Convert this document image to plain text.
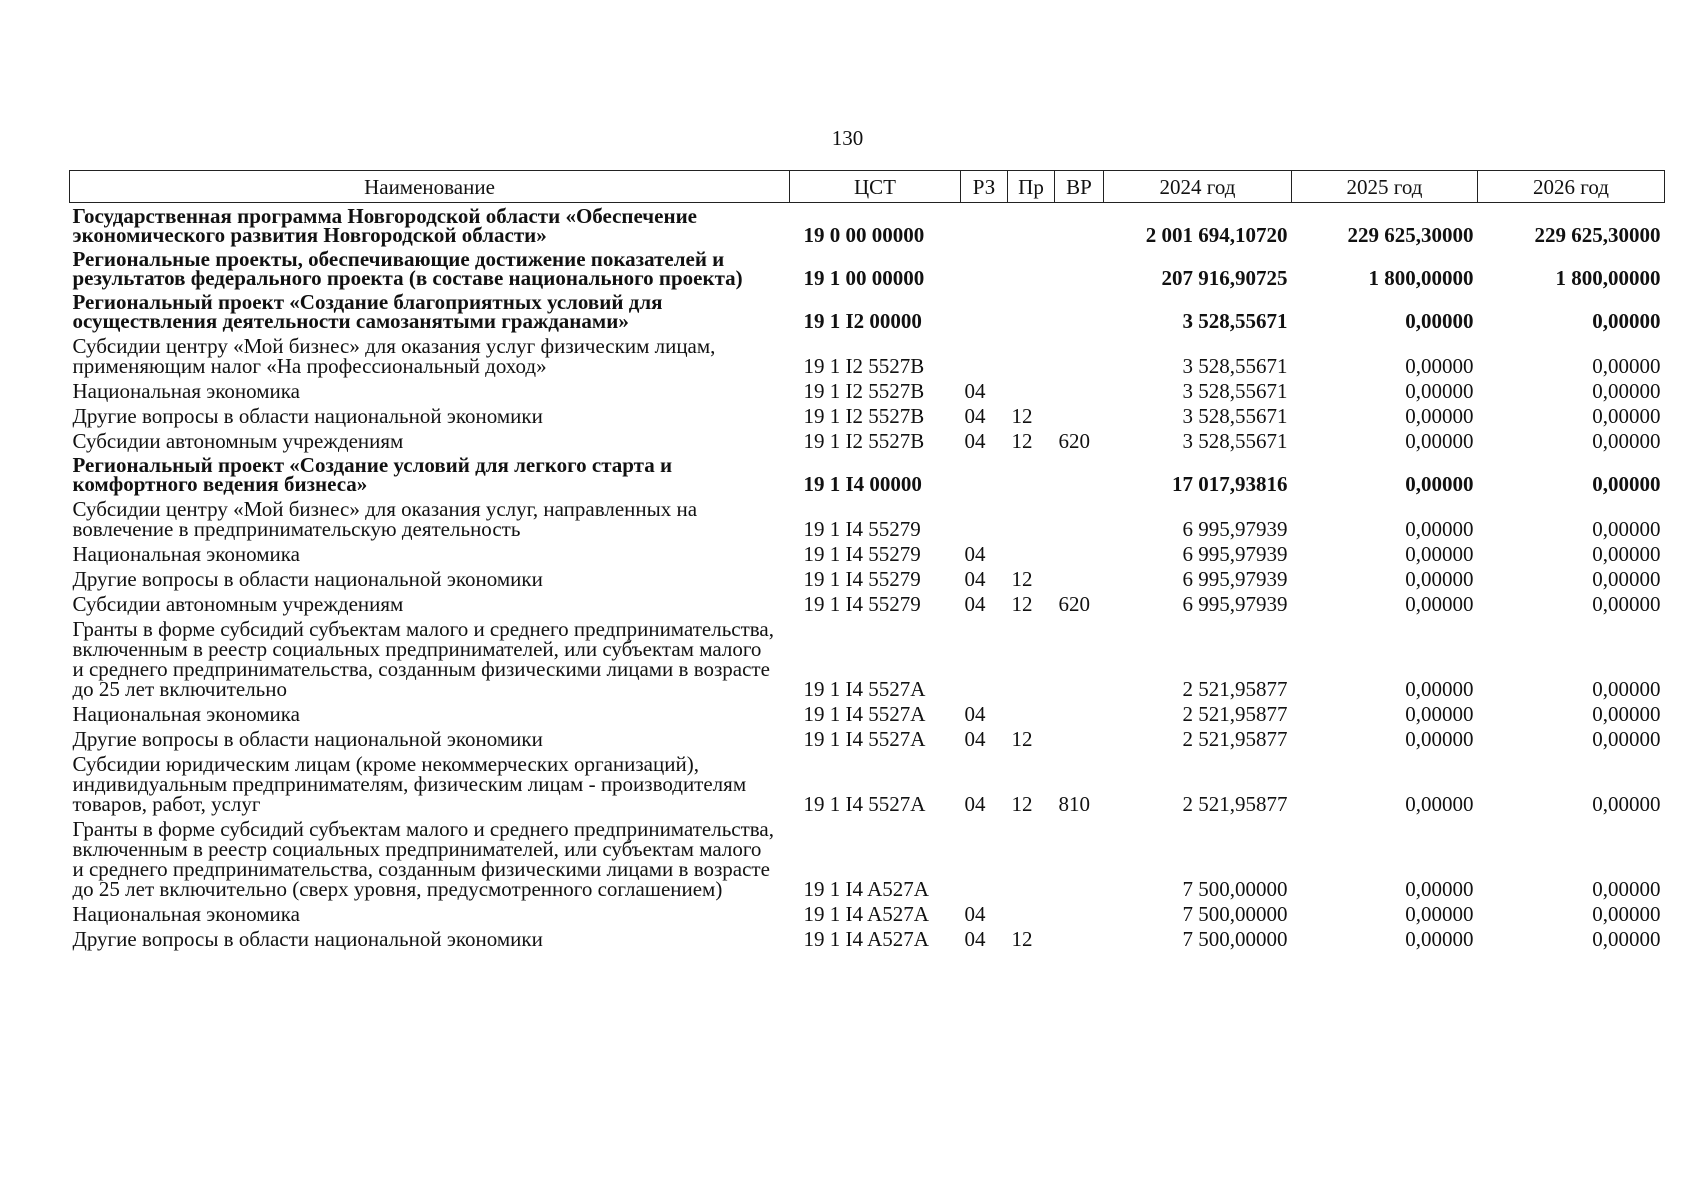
130
Наименование	ЦСТ	РЗ	Пр	ВР	2024 год	2025 год	2026 год
Государственная программа Новгородской области «Обеспечение экономического развития Новгородской области»	19 0 00 00000				2 001 694,10720	229 625,30000	229 625,30000
Региональные проекты, обеспечивающие достижение показателей и результатов федерального проекта (в составе национального проекта)	19 1 00 00000				207 916,90725	1 800,00000	1 800,00000
Региональный проект «Создание благоприятных условий для осуществления деятельности самозанятыми гражданами»	19 1 I2 00000				3 528,55671	0,00000	0,00000
Субсидии центру «Мой бизнес» для оказания услуг физическим лицам, применяющим налог «На профессиональный доход»	19 1 I2 5527B				3 528,55671	0,00000	0,00000
Национальная экономика	19 1 I2 5527B	04			3 528,55671	0,00000	0,00000
Другие вопросы в области национальной экономики	19 1 I2 5527B	04	12		3 528,55671	0,00000	0,00000
Субсидии автономным учреждениям	19 1 I2 5527B	04	12	620	3 528,55671	0,00000	0,00000
Региональный проект «Создание условий для легкого старта и комфортного ведения бизнеса»	19 1 I4 00000				17 017,93816	0,00000	0,00000
Субсидии центру «Мой бизнес» для оказания услуг, направленных на вовлечение в предпринимательскую деятельность	19 1 I4 55279				6 995,97939	0,00000	0,00000
Национальная экономика	19 1 I4 55279	04			6 995,97939	0,00000	0,00000
Другие вопросы в области национальной экономики	19 1 I4 55279	04	12		6 995,97939	0,00000	0,00000
Субсидии автономным учреждениям	19 1 I4 55279	04	12	620	6 995,97939	0,00000	0,00000
Гранты в форме субсидий субъектам малого и среднего предпринимательства, включенным в реестр социальных предпринимателей, или субъектам малого и среднего предпринимательства, созданным физическими лицами в возрасте до 25 лет включительно	19 1 I4 5527A				2 521,95877	0,00000	0,00000
Национальная экономика	19 1 I4 5527A	04			2 521,95877	0,00000	0,00000
Другие вопросы в области национальной экономики	19 1 I4 5527A	04	12		2 521,95877	0,00000	0,00000
Субсидии юридическим лицам (кроме некоммерческих организаций), индивидуальным предпринимателям, физическим лицам - производителям товаров, работ, услуг	19 1 I4 5527A	04	12	810	2 521,95877	0,00000	0,00000
Гранты в форме субсидий субъектам малого и среднего предпринимательства, включенным в реестр социальных предпринимателей, или субъектам малого и среднего предпринимательства, созданным физическими лицами в возрасте до 25 лет включительно (сверх уровня, предусмотренного соглашением)	19 1 I4 A527A				7 500,00000	0,00000	0,00000
Национальная экономика	19 1 I4 A527A	04			7 500,00000	0,00000	0,00000
Другие вопросы в области национальной экономики	19 1 I4 A527A	04	12		7 500,00000	0,00000	0,00000
